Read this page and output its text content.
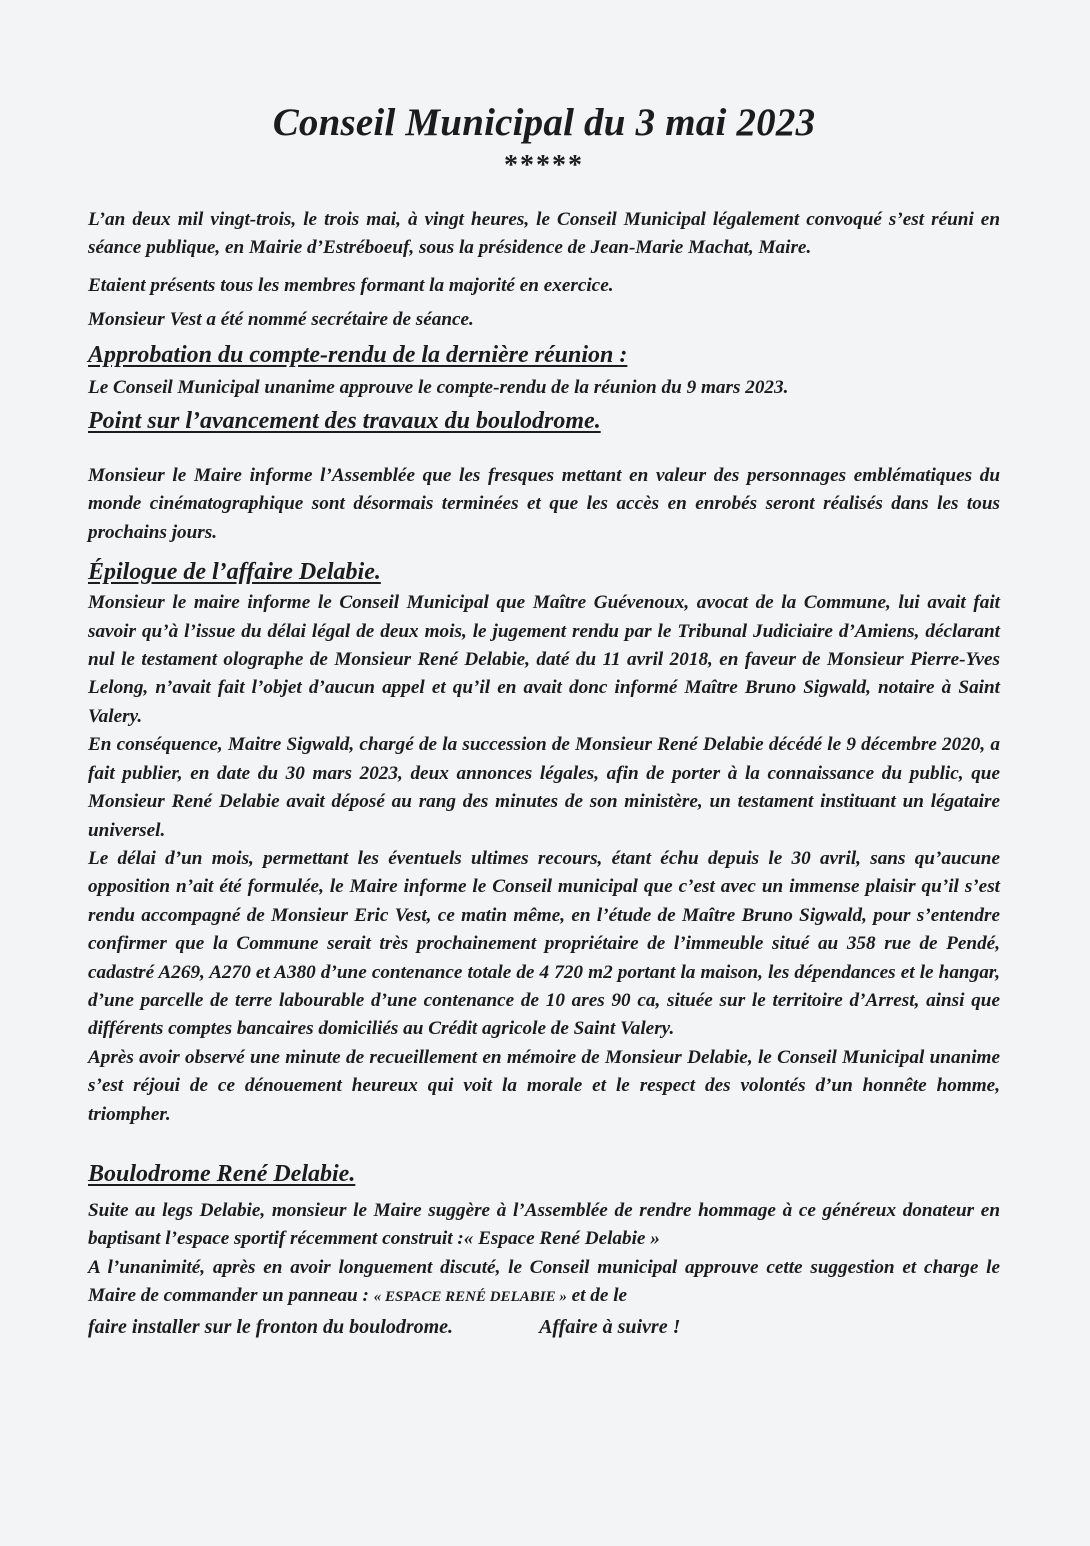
Conseil Municipal du 3 mai 2023
*****

L’an deux mil vingt-trois, le trois mai, à vingt heures, le Conseil Municipal légalement convoqué s’est réuni en séance publique, en Mairie d’Estréboeuf, sous la présidence de Jean-Marie Machat, Maire.

Etaient présents tous les membres formant la majorité en exercice.

Monsieur Vest a été nommé secrétaire de séance.

Approbation du compte-rendu de la dernière réunion :

Le Conseil Municipal unanime approuve le compte-rendu de la réunion du 9 mars 2023.

Point sur l’avancement des travaux du boulodrome.

Monsieur le Maire informe l’Assemblée que les fresques mettant en valeur des personnages emblématiques du monde cinématographique sont désormais terminées et que les accès en enrobés seront réalisés dans les tous prochains jours.

Épilogue de l’affaire Delabie.

Monsieur le maire informe le Conseil Municipal que Maître Guévenoux, avocat de la Commune, lui avait fait savoir qu’à l’issue du délai légal de deux mois, le jugement rendu par le Tribunal Judiciaire d’Amiens, déclarant nul le testament olographe de Monsieur René Delabie, daté du 11 avril 2018, en faveur de Monsieur Pierre-Yves Lelong, n’avait fait l’objet d’aucun appel et qu’il en avait donc informé Maître Bruno Sigwald, notaire à Saint Valery.

En conséquence, Maitre Sigwald, chargé de la succession de Monsieur René Delabie décédé le 9 décembre 2020, a fait publier, en date du 30 mars 2023, deux annonces légales, afin de porter à la connaissance du public, que Monsieur René Delabie avait déposé au rang des minutes de son ministère, un testament instituant un légataire universel.

Le délai d’un mois, permettant les éventuels ultimes recours, étant échu depuis le 30 avril, sans qu’aucune opposition n’ait été formulée, le Maire informe le Conseil municipal que c’est avec un immense plaisir qu’il s’est rendu accompagné de Monsieur Eric Vest, ce matin même, en l’étude de Maître Bruno Sigwald, pour s’entendre confirmer que la Commune serait très prochainement propriétaire de l’immeuble situé au 358 rue de Pendé, cadastré A269, A270 et A380 d’une contenance totale de 4 720 m2 portant la maison, les dépendances et le hangar, d’une parcelle de terre labourable d’une contenance de 10 ares 90 ca, située sur le territoire d’Arrest, ainsi que différents comptes bancaires domiciliés au Crédit agricole de Saint Valery.

Après avoir observé une minute de recueillement en mémoire de Monsieur Delabie, le Conseil Municipal unanime s’est réjoui de ce dénouement heureux qui voit la morale et le respect des volontés d’un honnête homme, triompher.

Boulodrome René Delabie.

Suite au legs Delabie, monsieur le Maire suggère à l’Assemblée de rendre hommage à ce généreux donateur en baptisant l’espace sportif récemment construit :« Espace René Delabie »

A l’unanimité, après en avoir longuement discuté, le Conseil municipal approuve cette suggestion et charge le Maire de commander un panneau : « ESPACE RENÉ DELABIE » et de le

faire installer sur le fronton du boulodrome.	Affaire à suivre !
